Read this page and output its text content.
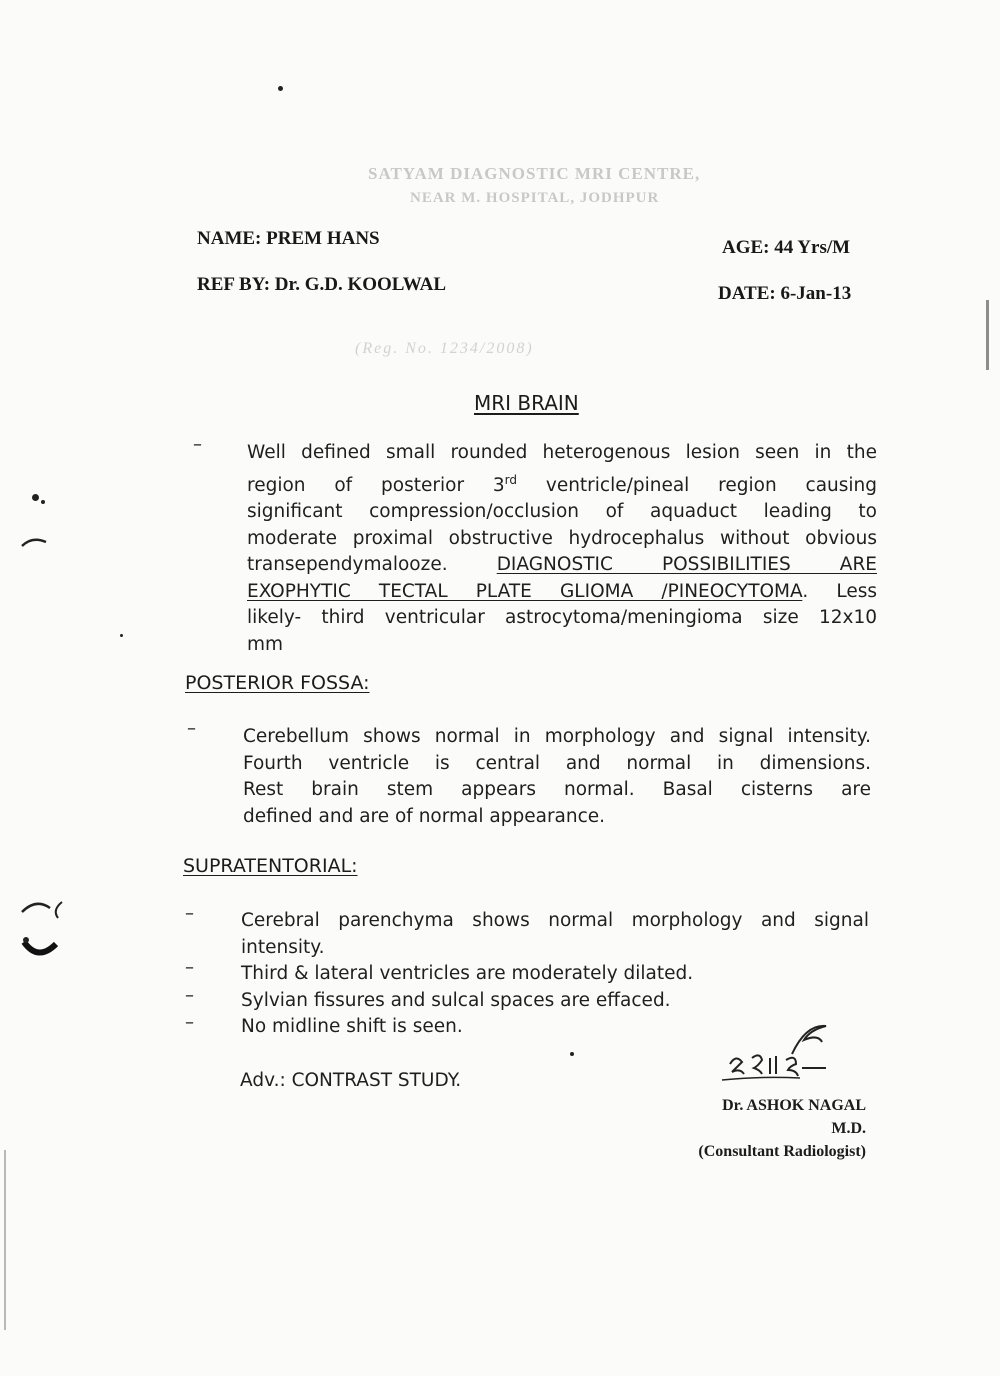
SATYAM DIAGNOSTIC MRI CENTRE,
NEAR M. HOSPITAL, JODHPUR
(Reg. No. 1234/2008)
NAME: PREM HANS	AGE: 44 Yrs/M
REF BY: Dr. G.D. KOOLWAL	DATE: 6-Jan-13
MRI BRAIN
– Well defined small rounded heterogenous lesion seen in the
region of posterior 3rd ventricle/pineal region causing
significant compression/occlusion of aquaduct leading to
moderate proximal obstructive hydrocephalus without obvious
transependymalooze.	DIAGNOSTIC POSSIBILITIES ARE
EXOPHYTIC TECTAL PLATE GLIOMA /PINEOCYTOMA. Less
likely- third ventricular astrocytoma/meningioma size 12x10
mm
POSTERIOR FOSSA:
–	Cerebellum shows normal in morphology and signal intensity.
Fourth ventricle is central and normal in dimensions.
Rest brain stem appears normal. Basal cisterns are
defined and are of normal appearance.
SUPRATENTORIAL:
–	Cerebral parenchyma shows normal morphology and signal
intensity.
–	Third & lateral ventricles are moderately dilated.
–	Sylvian fissures and sulcal spaces are effaced.
–	No midline shift is seen.
Adv.: CONTRAST STUDY.
Dr. ASHOK NAGAL
M.D.
(Consultant Radiologist)
